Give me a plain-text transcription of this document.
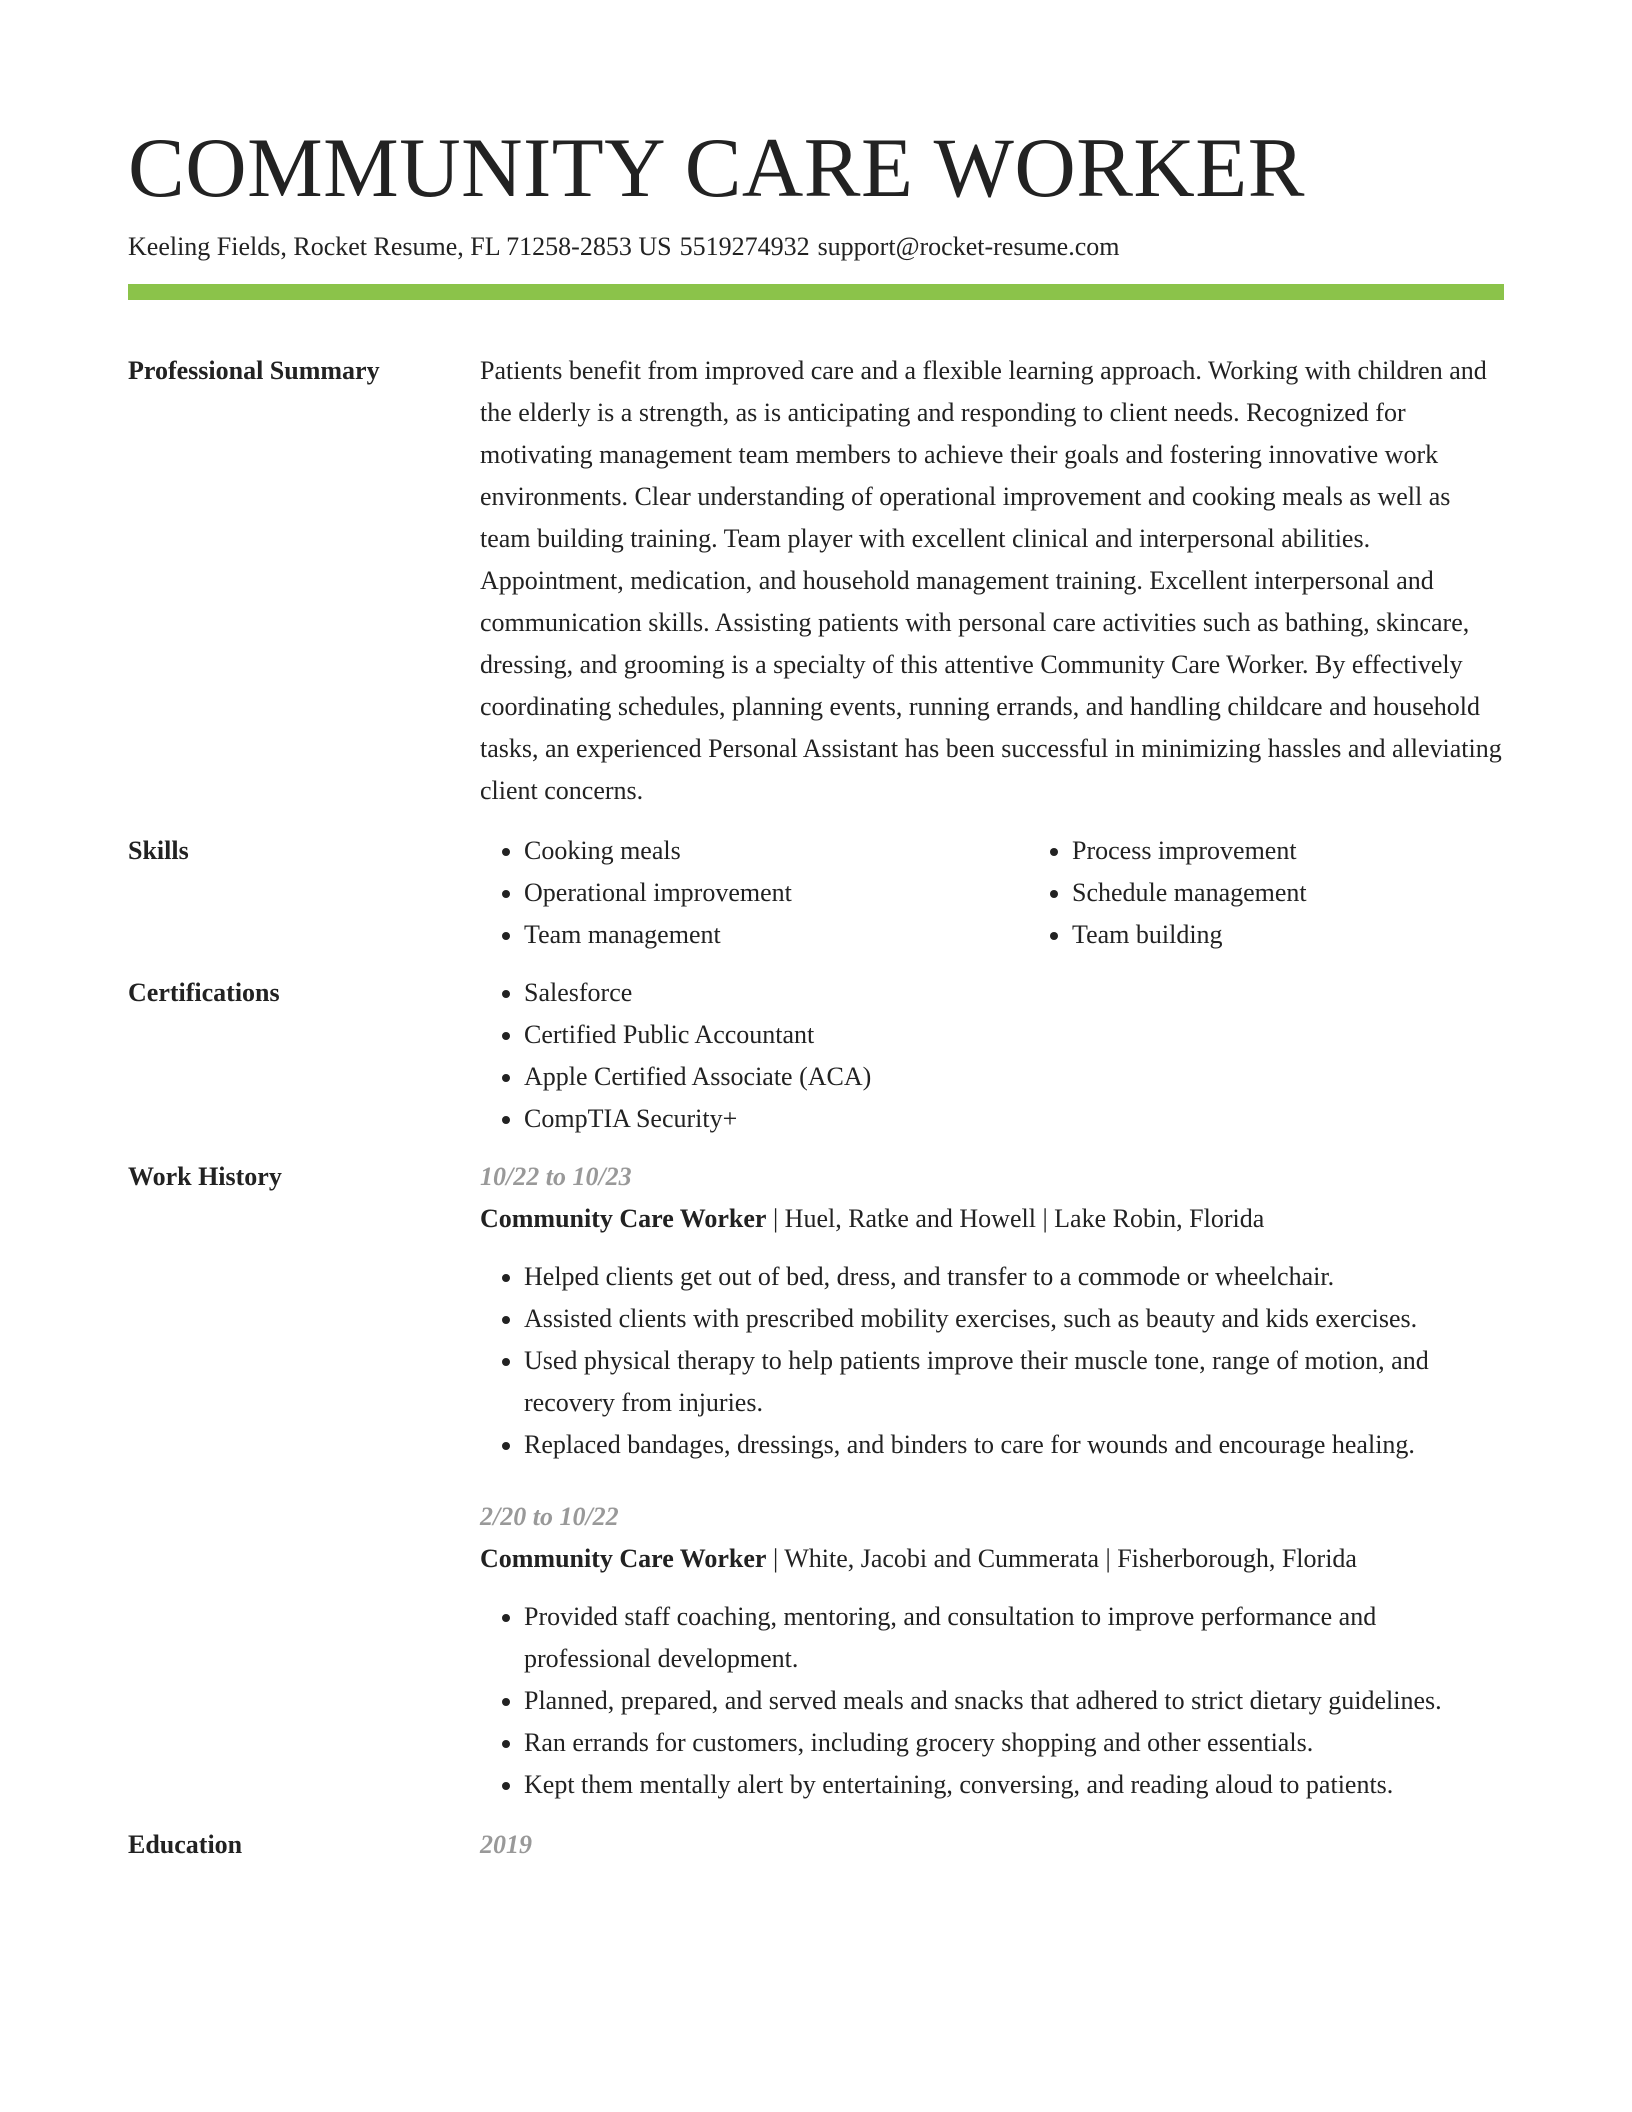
COMMUNITY CARE WORKER
Keeling Fields, Rocket Resume, FL 71258-2853 US 5519274932 support@rocket-resume.com
Professional Summary	Patients benefit from improved care and a flexible learning approach. Working with children and the elderly is a strength, as is anticipating and responding to client needs. Recognized for motivating management team members to achieve their goals and fostering innovative work environments. Clear understanding of operational improvement and cooking meals as well as team building training. Team player with excellent clinical and interpersonal abilities. Appointment, medication, and household management training. Excellent interpersonal and communication skills. Assisting patients with personal care activities such as bathing, skincare, dressing, and grooming is a specialty of this attentive Community Care Worker. By effectively coordinating schedules, planning events, running errands, and handling childcare and household tasks, an experienced Personal Assistant has been successful in minimizing hassles and alleviating client concerns.

Skills	• Cooking meals
• Operational improvement
• Team management
• Process improvement
• Schedule management
• Team building
Certifications	• Salesforce
• Certified Public Accountant
• Apple Certified Associate (ACA)
• CompTIA Security+
Work History	10/22 to 10/23
Community Care Worker | Huel, Ratke and Howell | Lake Robin, Florida
• Helped clients get out of bed, dress, and transfer to a commode or wheelchair.
• Assisted clients with prescribed mobility exercises, such as beauty and kids exercises.
• Used physical therapy to help patients improve their muscle tone, range of motion, and recovery from injuries.
• Replaced bandages, dressings, and binders to care for wounds and encourage healing.
2/20 to 10/22
Community Care Worker | White, Jacobi and Cummerata | Fisherborough, Florida
• Provided staff coaching, mentoring, and consultation to improve performance and professional development.
• Planned, prepared, and served meals and snacks that adhered to strict dietary guidelines.
• Ran errands for customers, including grocery shopping and other essentials.
• Kept them mentally alert by entertaining, conversing, and reading aloud to patients.
Education	2019
